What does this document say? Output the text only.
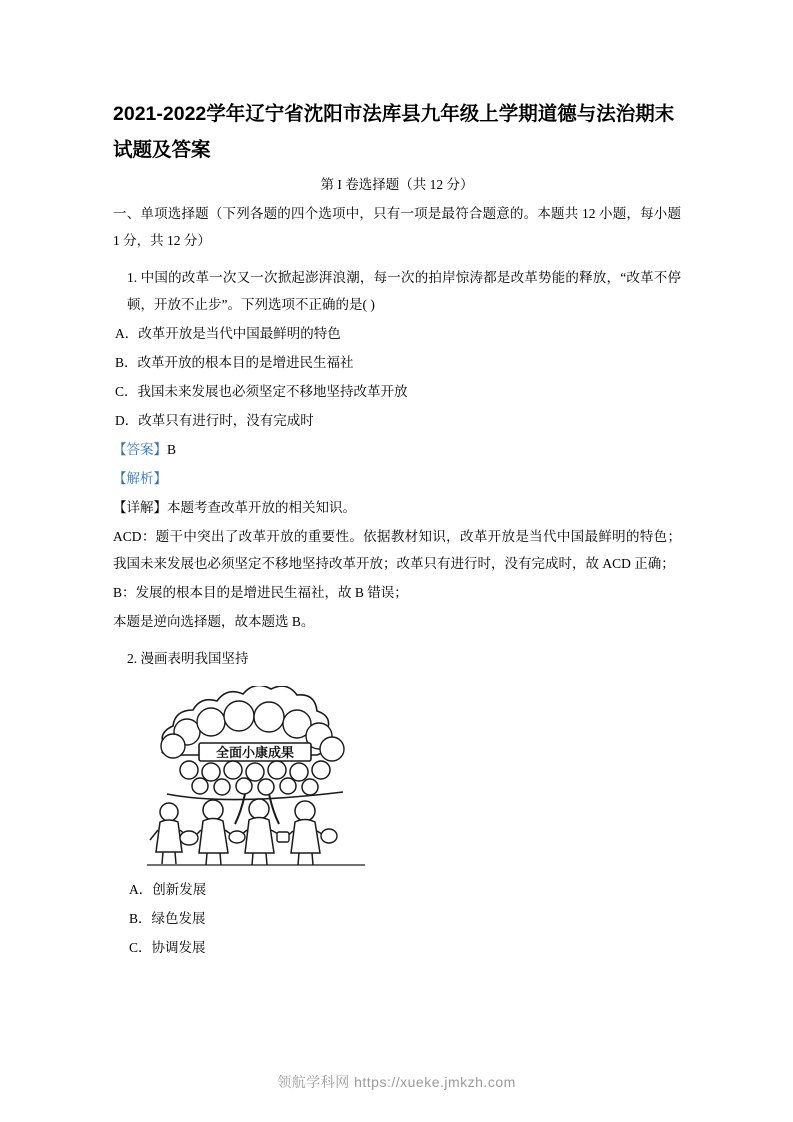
2021-2022学年辽宁省沈阳市法库县九年级上学期道德与法治期末试题及答案
第 I 卷选择题（共 12 分）

一、单项选择题（下列各题的四个选项中，只有一项是最符合题意的。本题共 12 小题，每小题 1 分，共 12 分）

1. 中国的改革一次又一次掀起澎湃浪潮，每一次的拍岸惊涛都是改革势能的释放，“改革不停顿，开放不止步”。下列选项不正确的是( )

A．改革开放是当代中国最鲜明的特色

B．改革开放的根本目的是增进民生福社

C．我国未来发展也必须坚定不移地坚持改革开放

D．改革只有进行时，没有完成时

【答案】B

【解析】

【详解】本题考查改革开放的相关知识。

ACD：题干中突出了改革开放的重要性。依据教材知识，改革开放是当代中国最鲜明的特色；我国未来发展也必须坚定不移地坚持改革开放；改革只有进行时，没有完成时，故 ACD 正确；

B：发展的根本目的是增进民生福社，故 B 错误；

本题是逆向选择题，故本题选 B。

2. 漫画表明我国坚持

全面小康成果

A．创新发展

B．绿色发展

C．协调发展

领航学科网 https://xueke.jmkzh.com
